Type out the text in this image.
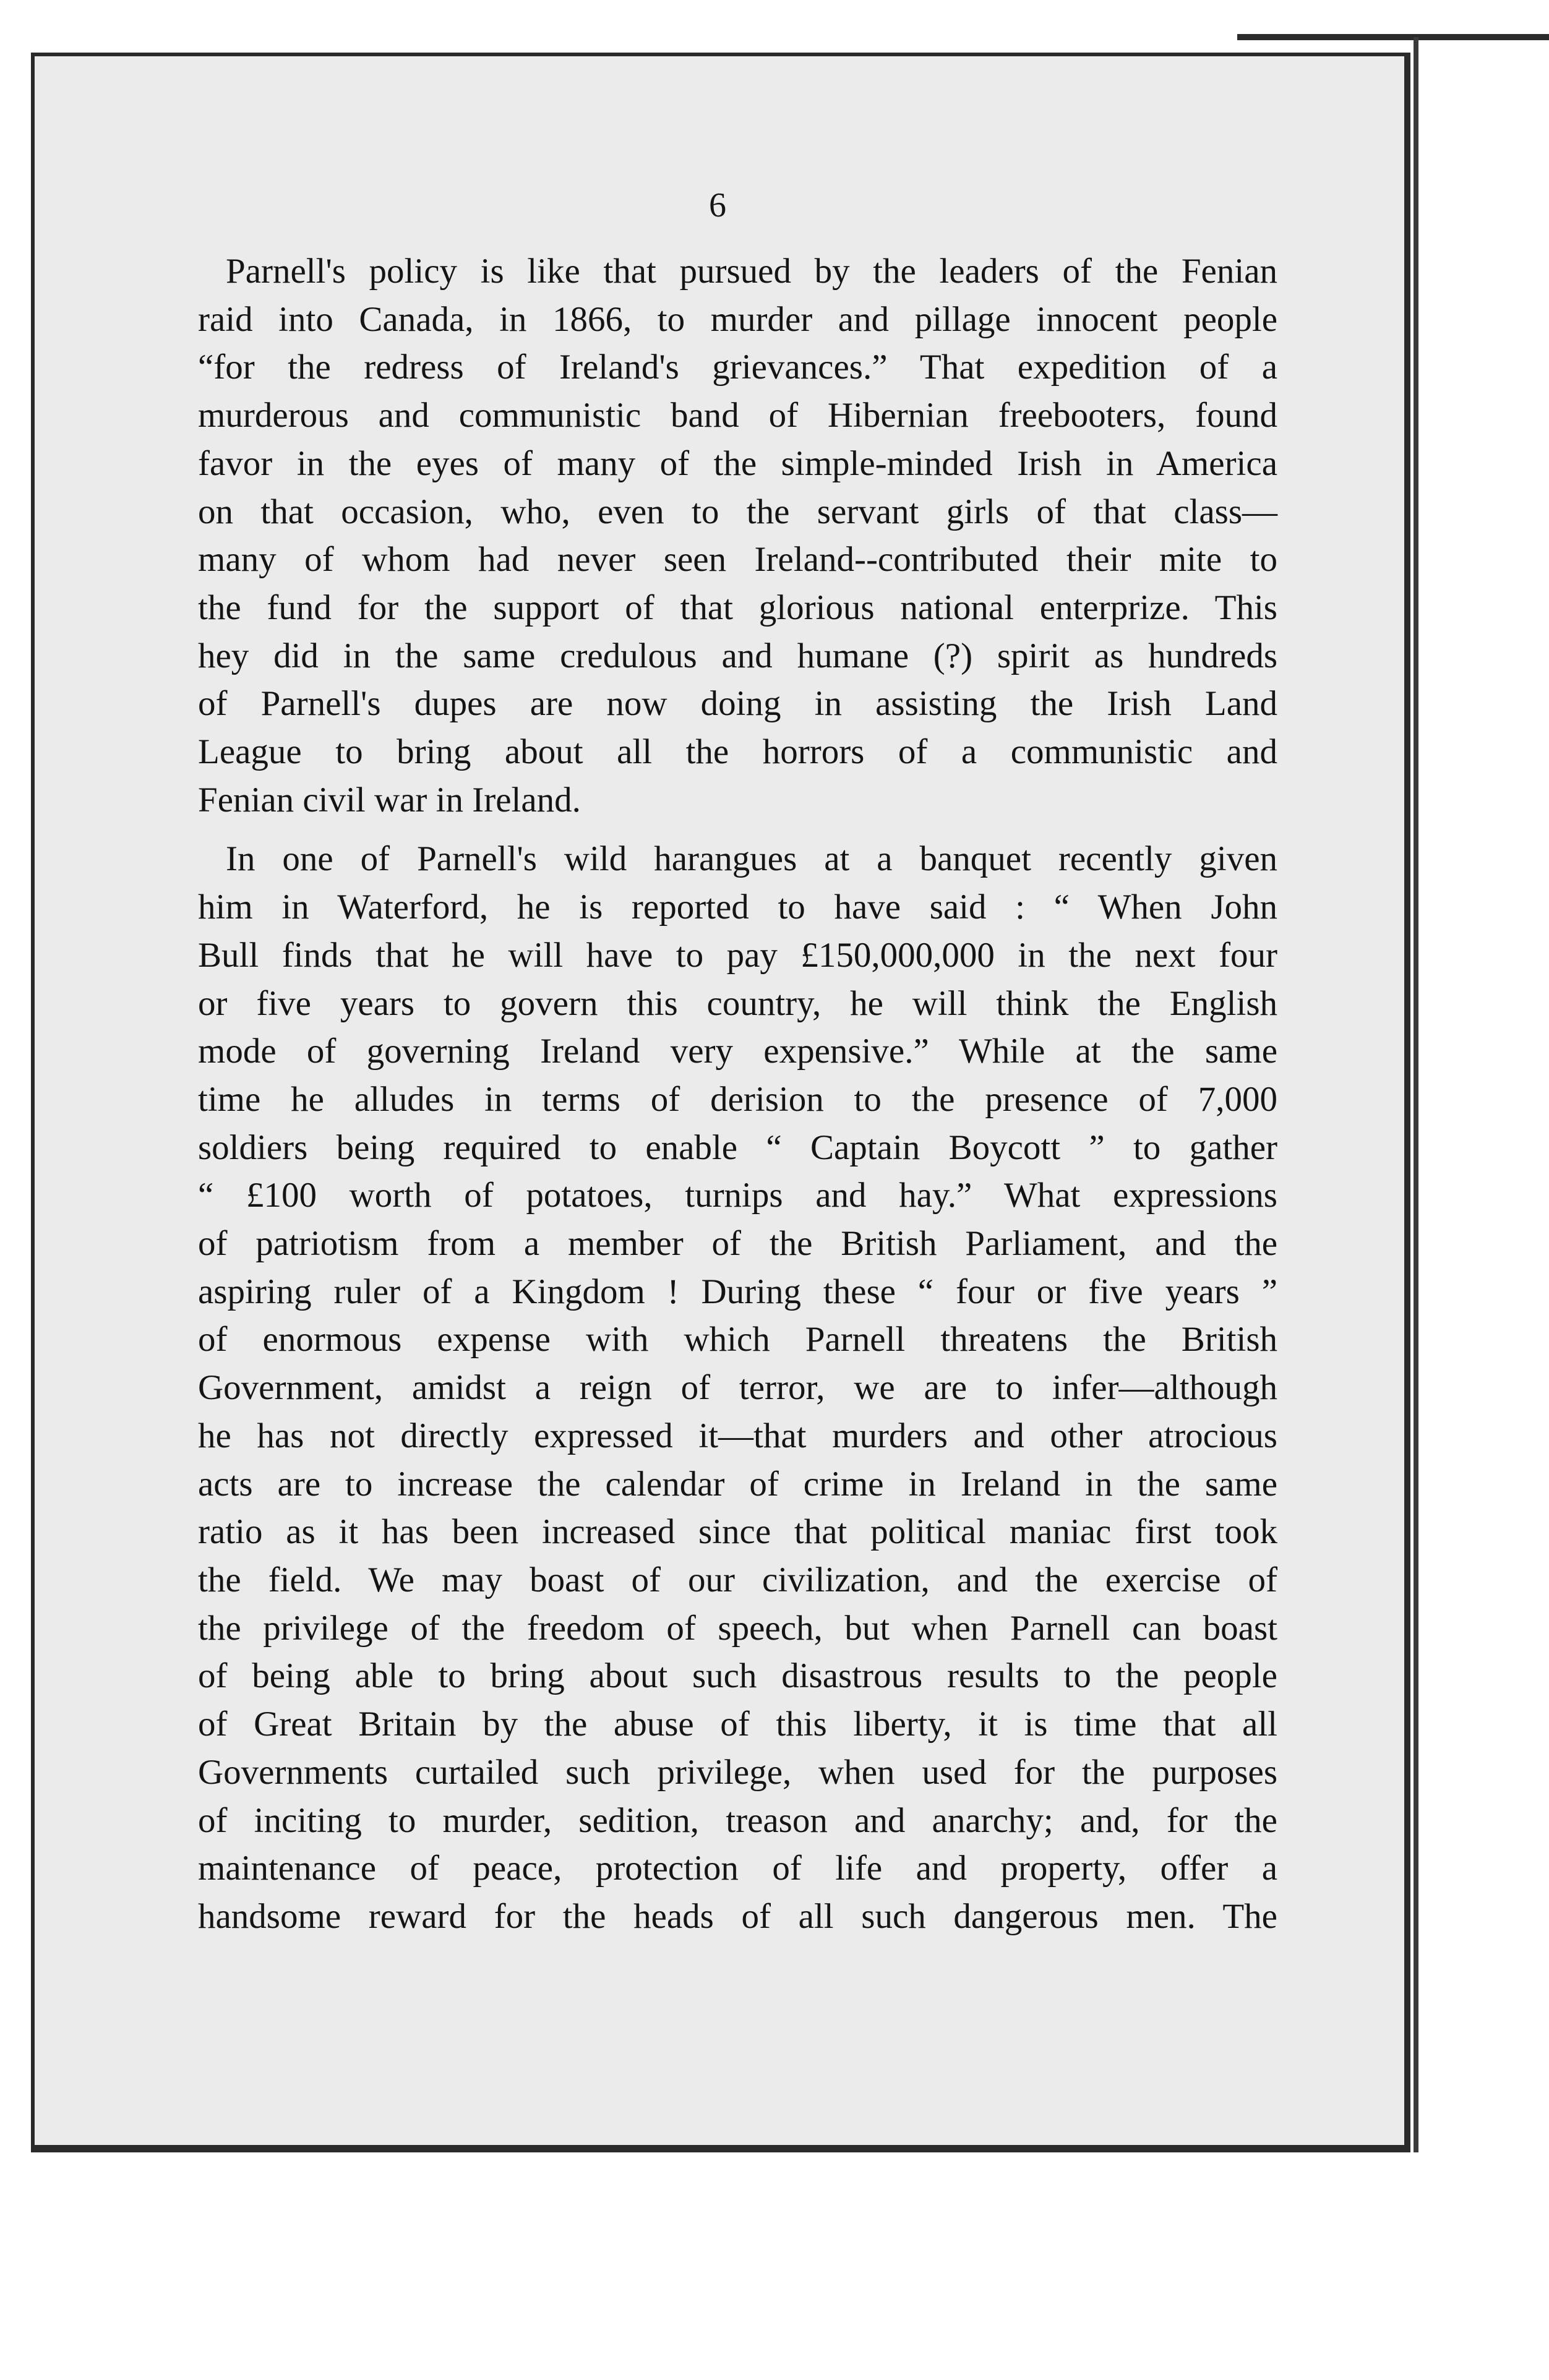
6

Parnell's policy is like that pursued by the leaders of the Fenian
raid into Canada, in 1866, to murder and pillage innocent people
“for the redress of Ireland's grievances.” That expedition of a
murderous and communistic band of Hibernian freebooters, found
favor in the eyes of many of the simple-minded Irish in America
on that occasion, who, even to the servant girls of that class—
many of whom had never seen Ireland--contributed their mite to
the fund for the support of that glorious national enterprize. This
hey did in the same credulous and humane (?) spirit as hundreds
of Parnell's dupes are now doing in assisting the Irish Land
League to bring about all the horrors of a communistic and
Fenian civil war in Ireland.

In one of Parnell's wild harangues at a banquet recently given
him in Waterford, he is reported to have said : “ When John
Bull finds that he will have to pay £150,000,000 in the next four
or five years to govern this country, he will think the English
mode of governing Ireland very expensive.” While at the same
time he alludes in terms of derision to the presence of 7,000
soldiers being required to enable “ Captain Boycott ” to gather
“ £100 worth of potatoes, turnips and hay.” What expressions
of patriotism from a member of the British Parliament, and the
aspiring ruler of a Kingdom ! During these “ four or five years ”
of enormous expense with which Parnell threatens the British
Government, amidst a reign of terror, we are to infer—although
he has not directly expressed it—that murders and other atrocious
acts are to increase the calendar of crime in Ireland in the same
ratio as it has been increased since that political maniac first took
the field. We may boast of our civilization, and the exercise of
the privilege of the freedom of speech, but when Parnell can boast
of being able to bring about such disastrous results to the people
of Great Britain by the abuse of this liberty, it is time that all
Governments curtailed such privilege, when used for the purposes
of inciting to murder, sedition, treason and anarchy; and, for the
maintenance of peace, protection of life and property, offer a
handsome reward for the heads of all such dangerous men. The
